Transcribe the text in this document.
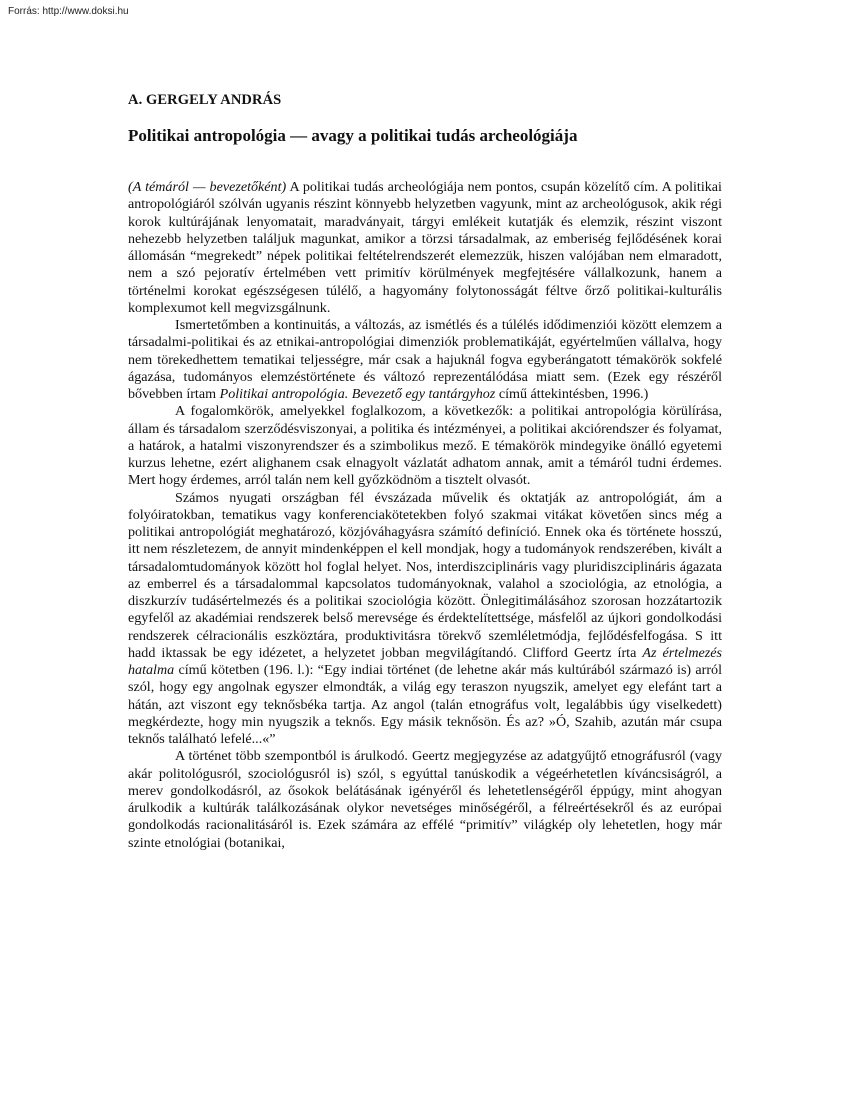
Forrás: http://www.doksi.hu
A. GERGELY ANDRÁS
Politikai antropológia — avagy a politikai tudás archeológiája

(A témáról — bevezetőként) A politikai tudás archeológiája nem pontos, csupán közelítő cím. A politikai antropológiáról szólván ugyanis részint könnyebb helyzetben vagyunk, mint az archeológusok, akik régi korok kultúrájának lenyomatait, maradványait, tárgyi emlékeit kutatják és elemzik, részint viszont nehezebb helyzetben találjuk magunkat, amikor a törzsi társadalmak, az emberiség fejlődésének korai állomásán “megrekedt” népek politikai feltételrendszerét elemezzük, hiszen valójában nem elmaradott, nem a szó pejoratív értelmében vett primitív körülmények megfejtésére vállalkozunk, hanem a történelmi korokat egészségesen túlélő, a hagyomány folytonosságát féltve őrző politikai-kulturális komplexumot kell megvizsgálnunk.

Ismertetőmben a kontinuitás, a változás, az ismétlés és a túlélés idődimenziói között elemzem a társadalmi-politikai és az etnikai-antropológiai dimenziók problematikáját, egyértelműen vállalva, hogy nem törekedhettem tematikai teljességre, már csak a hajuknál fogva egyberángatott témakörök sokfelé ágazása, tudományos elemzéstörténete és változó reprezentálódása miatt sem. (Ezek egy részéről bővebben írtam Politikai antropológia. Bevezető egy tantárgyhoz című áttekintésben, 1996.)

A fogalomkörök, amelyekkel foglalkozom, a következők: a politikai antropológia körülírása, állam és társadalom szerződésviszonyai, a politika és intézményei, a politikai akciórendszer és folyamat, a határok, a hatalmi viszonyrendszer és a szimbolikus mező. E témakörök mindegyike önálló egyetemi kurzus lehetne, ezért alighanem csak elnagyolt vázlatát adhatom annak, amit a témáról tudni érdemes. Mert hogy érdemes, arról talán nem kell győzködnöm a tisztelt olvasót.

Számos nyugati országban fél évszázada művelik és oktatják az antropológiát, ám a folyóiratokban, tematikus vagy konferenciakötetekben folyó szakmai vitákat követően sincs még a politikai antropológiát meghatározó, közjóváhagyásra számító definíció. Ennek oka és története hosszú, itt nem részletezem, de annyit mindenképpen el kell mondjak, hogy a tudományok rendszerében, kivált a társadalomtudományok között hol foglal helyet. Nos, interdiszciplináris vagy pluridiszciplináris ágazata az emberrel és a társadalommal kapcsolatos tudományoknak, valahol a szociológia, az etnológia, a diszkurzív tudásértelmezés és a politikai szociológia között. Önlegitimálásához szorosan hozzátartozik egyfelől az akadémiai rendszerek belső merevsége és érdektelítettsége, másfelől az újkori gondolkodási rendszerek célracionális eszköztára, produktivitásra törekvő szemléletmódja, fejlődésfelfogása. S itt hadd iktassak be egy idézetet, a helyzetet jobban megvilágítandó. Clifford Geertz írta Az értelmezés hatalma című kötetben (196. l.): “Egy indiai történet (de lehetne akár más kultúrából származó is) arról szól, hogy egy angolnak egyszer elmondták, a világ egy teraszon nyugszik, amelyet egy elefánt tart a hátán, azt viszont egy teknősbéka tartja. Az angol (talán etnográfus volt, legalábbis úgy viselkedett) megkérdezte, hogy min nyugszik a teknős. Egy másik teknősön. És az? »Ó, Szahib, azután már csupa teknős található lefelé...«”

A történet több szempontból is árulkodó. Geertz megjegyzése az adatgyűjtő etnográfusról (vagy akár politológusról, szociológusról is) szól, s egyúttal tanúskodik a végeérhetetlen kíváncsiságról, a merev gondolkodásról, az ősokok belátásának igényéről és lehetetlenségéről éppúgy, mint ahogyan árulkodik a kultúrák találkozásának olykor nevetséges minőségéről, a félreértésekről és az európai gondolkodás racionalitásáról is. Ezek számára az effélé “primitív” világkép oly lehetetlen, hogy már szinte etnológiai (botanikai,
